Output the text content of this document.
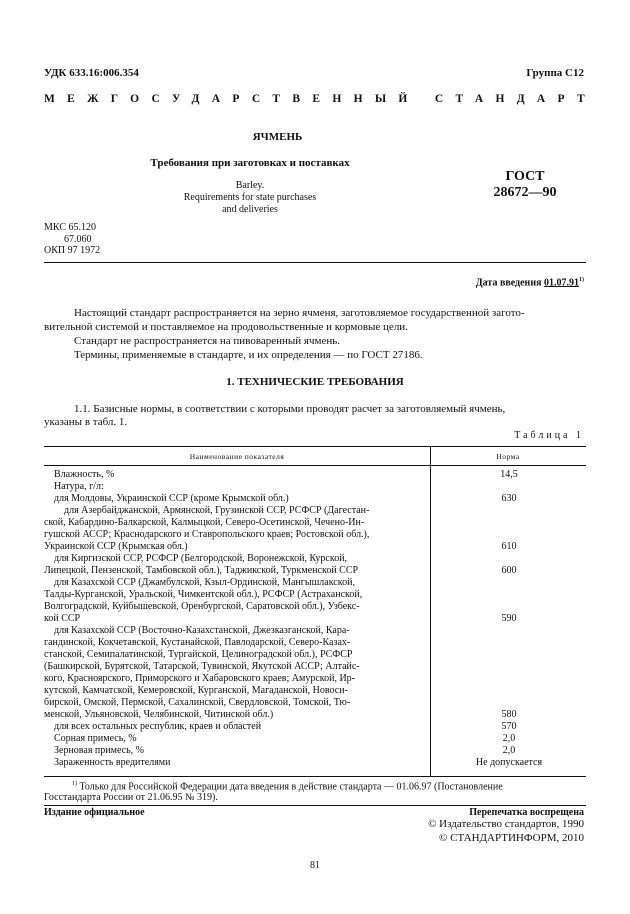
УДК 633.16:006.354	Группа С12
МЕЖГОСУДАРСТВЕННЫЙ СТАНДАРТ
ЯЧМЕНЬ
Требования при заготовках и поставках
Barley.
Requirements for state purchases
and deliveries
ГОСТ
28672—90
МКС 65.120
67.060
ОКП 97 1972
Дата введения 01.07.91$^{1)}$
Настоящий стандарт распространяется на зерно ячменя, заготовляемое государственной загото-
вительной системой и поставляемое на продовольственные и кормовые цели.
Стандарт не распространяется на пивоваренный ячмень.
Термины, применяемые в стандарте, и их определения — по ГОСТ 27186.
1. ТЕХНИЧЕСКИЕ ТРЕБОВАНИЯ
1.1. Базисные нормы, в соответствии с которыми проводят расчет за заготовляемый ячмень,
указаны в табл. 1.
Таблица 1
Наименование показателя	Норма
Влажность, %	14,5
Натура, г/л:
для Молдовы, Украинской ССР (кроме Крымской обл.)	630
для Азербайджанской, Армянской, Грузинской ССР, РСФСР (Дагестан-
ской, Кабардино-Балкарской, Калмыцкой, Северо-Осетинской, Чечено-Ин-
гушской АССР; Краснодарского и Ставропольского краев; Ростовской обл.),
Украинской ССР (Крымская обл.)	610
для Киргизской ССР, РСФСР (Белгородской, Воронежской, Курской,
Липецкой, Пензенской, Тамбовской обл.), Таджикской, Туркменской ССР	600
для Казахской ССР (Джамбулской, Кзыл-Ординской, Мангышлакской,
Талды-Курганской, Уральской, Чимкентской обл.), РСФСР (Астраханской,
Волгоградской, Куйбышевской, Оренбургской, Саратовской обл.), Узбекс-
кой ССР	590
для Казахской ССР (Восточно-Казахстанской, Джезказганской, Кара-
гандинской, Кокчетавской, Кустанайской, Павлодарской, Северо-Казах-
станской, Семипалатинской, Тургайской, Целиноградской обл.), РСФСР
(Башкирской, Бурятской, Татарской, Тувинской, Якутской АССР; Алтайс-
кого, Красноярского, Приморского и Хабаровского краев; Амурской, Ир-
кутской, Камчатской, Кемеровской, Курганской, Магаданской, Новоси-
бирской, Омской, Пермской, Сахалинской, Свердловской, Томской, Тю-
менской, Ульяновской, Челябинской, Читинской обл.)	580
для всех остальных республик, краев и областей	570
Сорная примесь, %	2,0
Зерновая примесь, %	2,0
Зараженность вредителями	Не допускается
$^{1)}$ Только для Российской Федерации дата введения в действие стандарта — 01.06.97 (Постановление
Госстандарта России от 21.06.95 № 319).
Издание официальное	Перепечатка воспрещена
© Издательство стандартов, 1990
© СТАНДАРТИНФОРМ, 2010
81
